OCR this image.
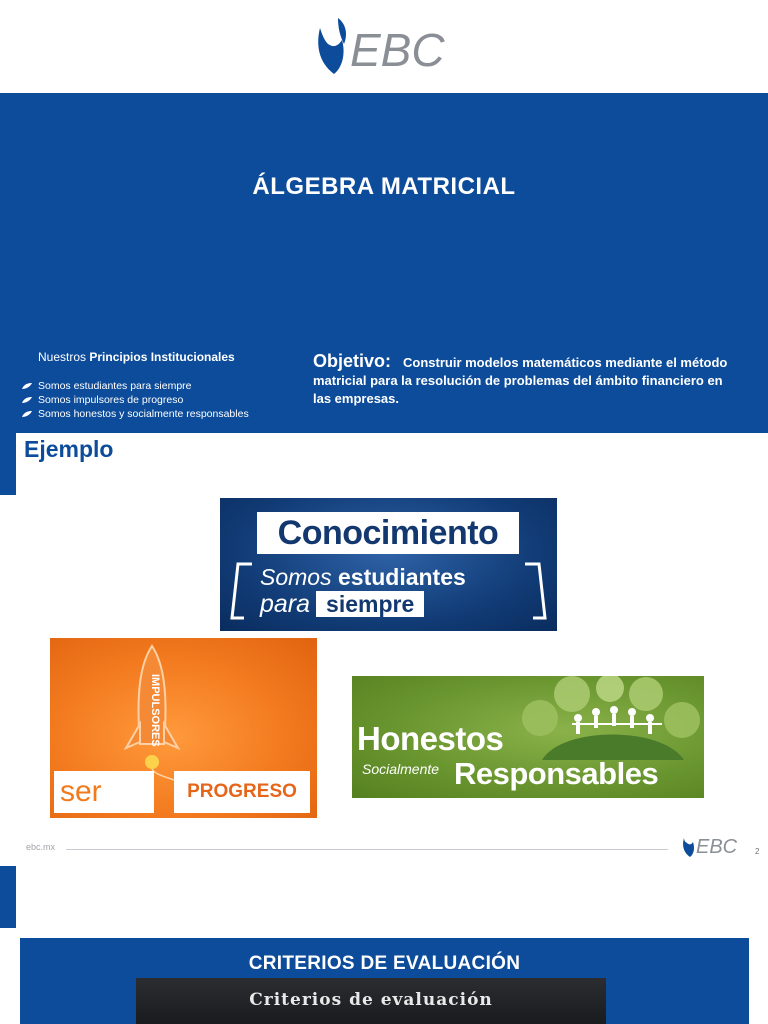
EBC
ÁLGEBRA MATRICIAL
Nuestros Principios Institucionales
Somos estudiantes para siempre
Somos impulsores de progreso
Somos honestos y socialmente responsables
Objetivo: Construir modelos matemáticos mediante el método matricial para la resolución de problemas del ámbito financiero en las empresas.
Ejemplo
Conocimiento
Somos estudiantes
para siempre
IMPULSORES
ser	PROGRESO
Honestos
Socialmente Responsables
ebc.mx	EBC 2
CRITERIOS DE EVALUACIÓN
Criterios de evaluación
